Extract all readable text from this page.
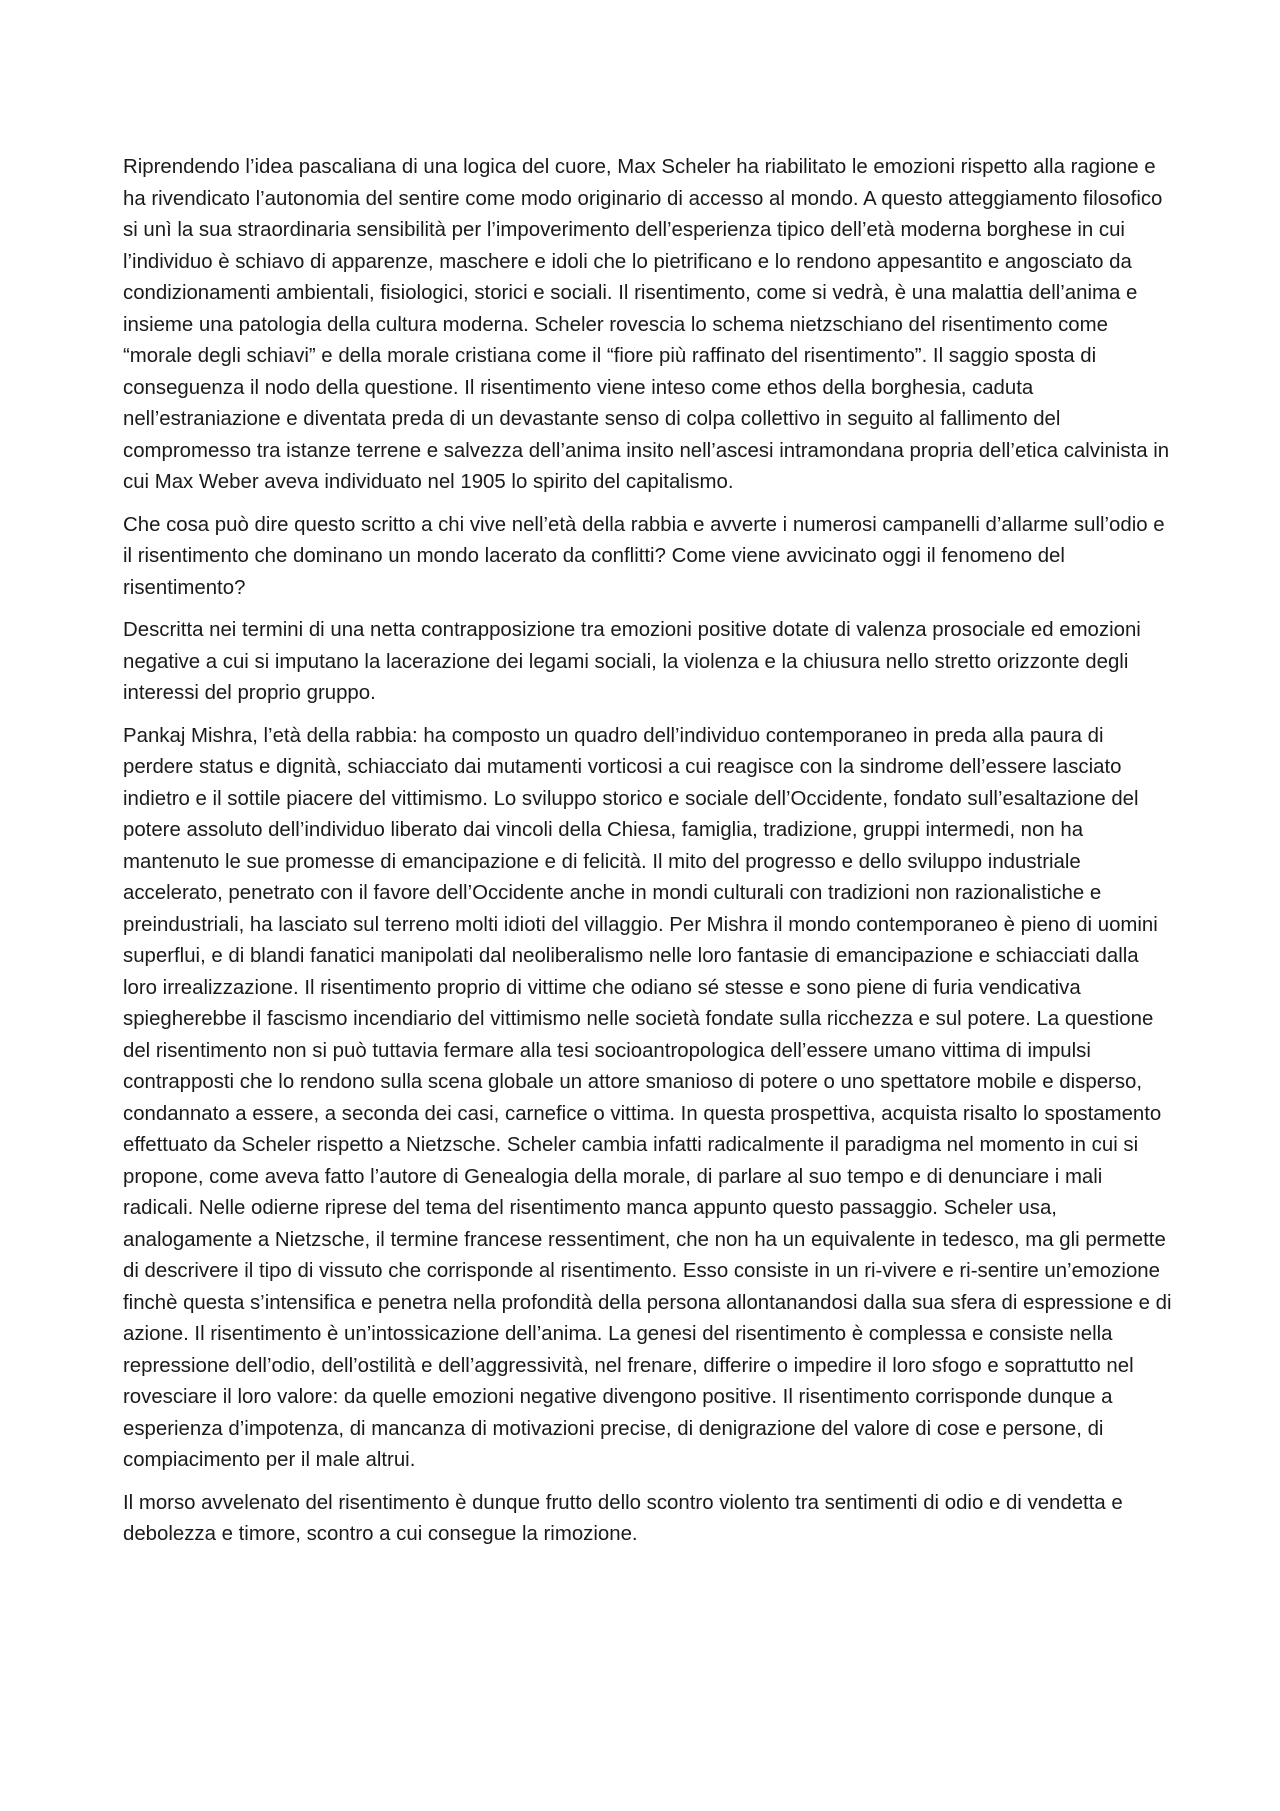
Riprendendo l’idea pascaliana di una logica del cuore, Max Scheler ha riabilitato le emozioni rispetto alla ragione e ha rivendicato l’autonomia del sentire come modo originario di accesso al mondo. A questo atteggiamento filosofico si unì la sua straordinaria sensibilità per l’impoverimento dell’esperienza tipico dell’età moderna borghese in cui l’individuo è schiavo di apparenze, maschere e idoli che lo pietrificano e lo rendono appesantito e angosciato da condizionamenti ambientali, fisiologici, storici e sociali. Il risentimento, come si vedrà, è una malattia dell’anima e insieme una patologia della cultura moderna. Scheler rovescia lo schema nietzschiano del risentimento come “morale degli schiavi” e della morale cristiana come il “fiore più raffinato del risentimento”. Il saggio sposta di conseguenza il nodo della questione. Il risentimento viene inteso come ethos della borghesia, caduta nell’estraniazione e diventata preda di un devastante senso di colpa collettivo in seguito al fallimento del compromesso tra istanze terrene e salvezza dell’anima insito nell’ascesi intramondana propria dell’etica calvinista in cui Max Weber aveva individuato nel 1905 lo spirito del capitalismo.

Che cosa può dire questo scritto a chi vive nell’età della rabbia e avverte i numerosi campanelli d’allarme sull’odio e il risentimento che dominano un mondo lacerato da conflitti? Come viene avvicinato oggi il fenomeno del risentimento?

Descritta nei termini di una netta contrapposizione tra emozioni positive dotate di valenza prosociale ed emozioni negative a cui si imputano la lacerazione dei legami sociali, la violenza e la chiusura nello stretto orizzonte degli interessi del proprio gruppo.

Pankaj Mishra, l’età della rabbia: ha composto un quadro dell’individuo contemporaneo in preda alla paura di perdere status e dignità, schiacciato dai mutamenti vorticosi a cui reagisce con la sindrome dell’essere lasciato indietro e il sottile piacere del vittimismo. Lo sviluppo storico e sociale dell’Occidente, fondato sull’esaltazione del potere assoluto dell’individuo liberato dai vincoli della Chiesa, famiglia, tradizione, gruppi intermedi, non ha mantenuto le sue promesse di emancipazione e di felicità. Il mito del progresso e dello sviluppo industriale accelerato, penetrato con il favore dell’Occidente anche in mondi culturali con tradizioni non razionalistiche e preindustriali, ha lasciato sul terreno molti idioti del villaggio. Per Mishra il mondo contemporaneo è pieno di uomini superflui, e di blandi fanatici manipolati dal neoliberalismo nelle loro fantasie di emancipazione e schiacciati dalla loro irrealizzazione. Il risentimento proprio di vittime che odiano sé stesse e sono piene di furia vendicativa spiegherebbe il fascismo incendiario del vittimismo nelle società fondate sulla ricchezza e sul potere. La questione del risentimento non si può tuttavia fermare alla tesi socioantropologica dell’essere umano vittima di impulsi contrapposti che lo rendono sulla scena globale un attore smanioso di potere o uno spettatore mobile e disperso, condannato a essere, a seconda dei casi, carnefice o vittima. In questa prospettiva, acquista risalto lo spostamento effettuato da Scheler rispetto a Nietzsche. Scheler cambia infatti radicalmente il paradigma nel momento in cui si propone, come aveva fatto l’autore di Genealogia della morale, di parlare al suo tempo e di denunciare i mali radicali. Nelle odierne riprese del tema del risentimento manca appunto questo passaggio. Scheler usa, analogamente a Nietzsche, il termine francese ressentiment, che non ha un equivalente in tedesco, ma gli permette di descrivere il tipo di vissuto che corrisponde al risentimento. Esso consiste in un ri-vivere e ri-sentire un’emozione finchè questa s’intensifica e penetra nella profondità della persona allontanandosi dalla sua sfera di espressione e di azione. Il risentimento è un’intossicazione dell’anima. La genesi del risentimento è complessa e consiste nella repressione dell’odio, dell’ostilità e dell’aggressività, nel frenare, differire o impedire il loro sfogo e soprattutto nel rovesciare il loro valore: da quelle emozioni negative divengono positive. Il risentimento corrisponde dunque a esperienza d’impotenza, di mancanza di motivazioni precise, di denigrazione del valore di cose e persone, di compiacimento per il male altrui.

Il morso avvelenato del risentimento è dunque frutto dello scontro violento tra sentimenti di odio e di vendetta e debolezza e timore, scontro a cui consegue la rimozione.
